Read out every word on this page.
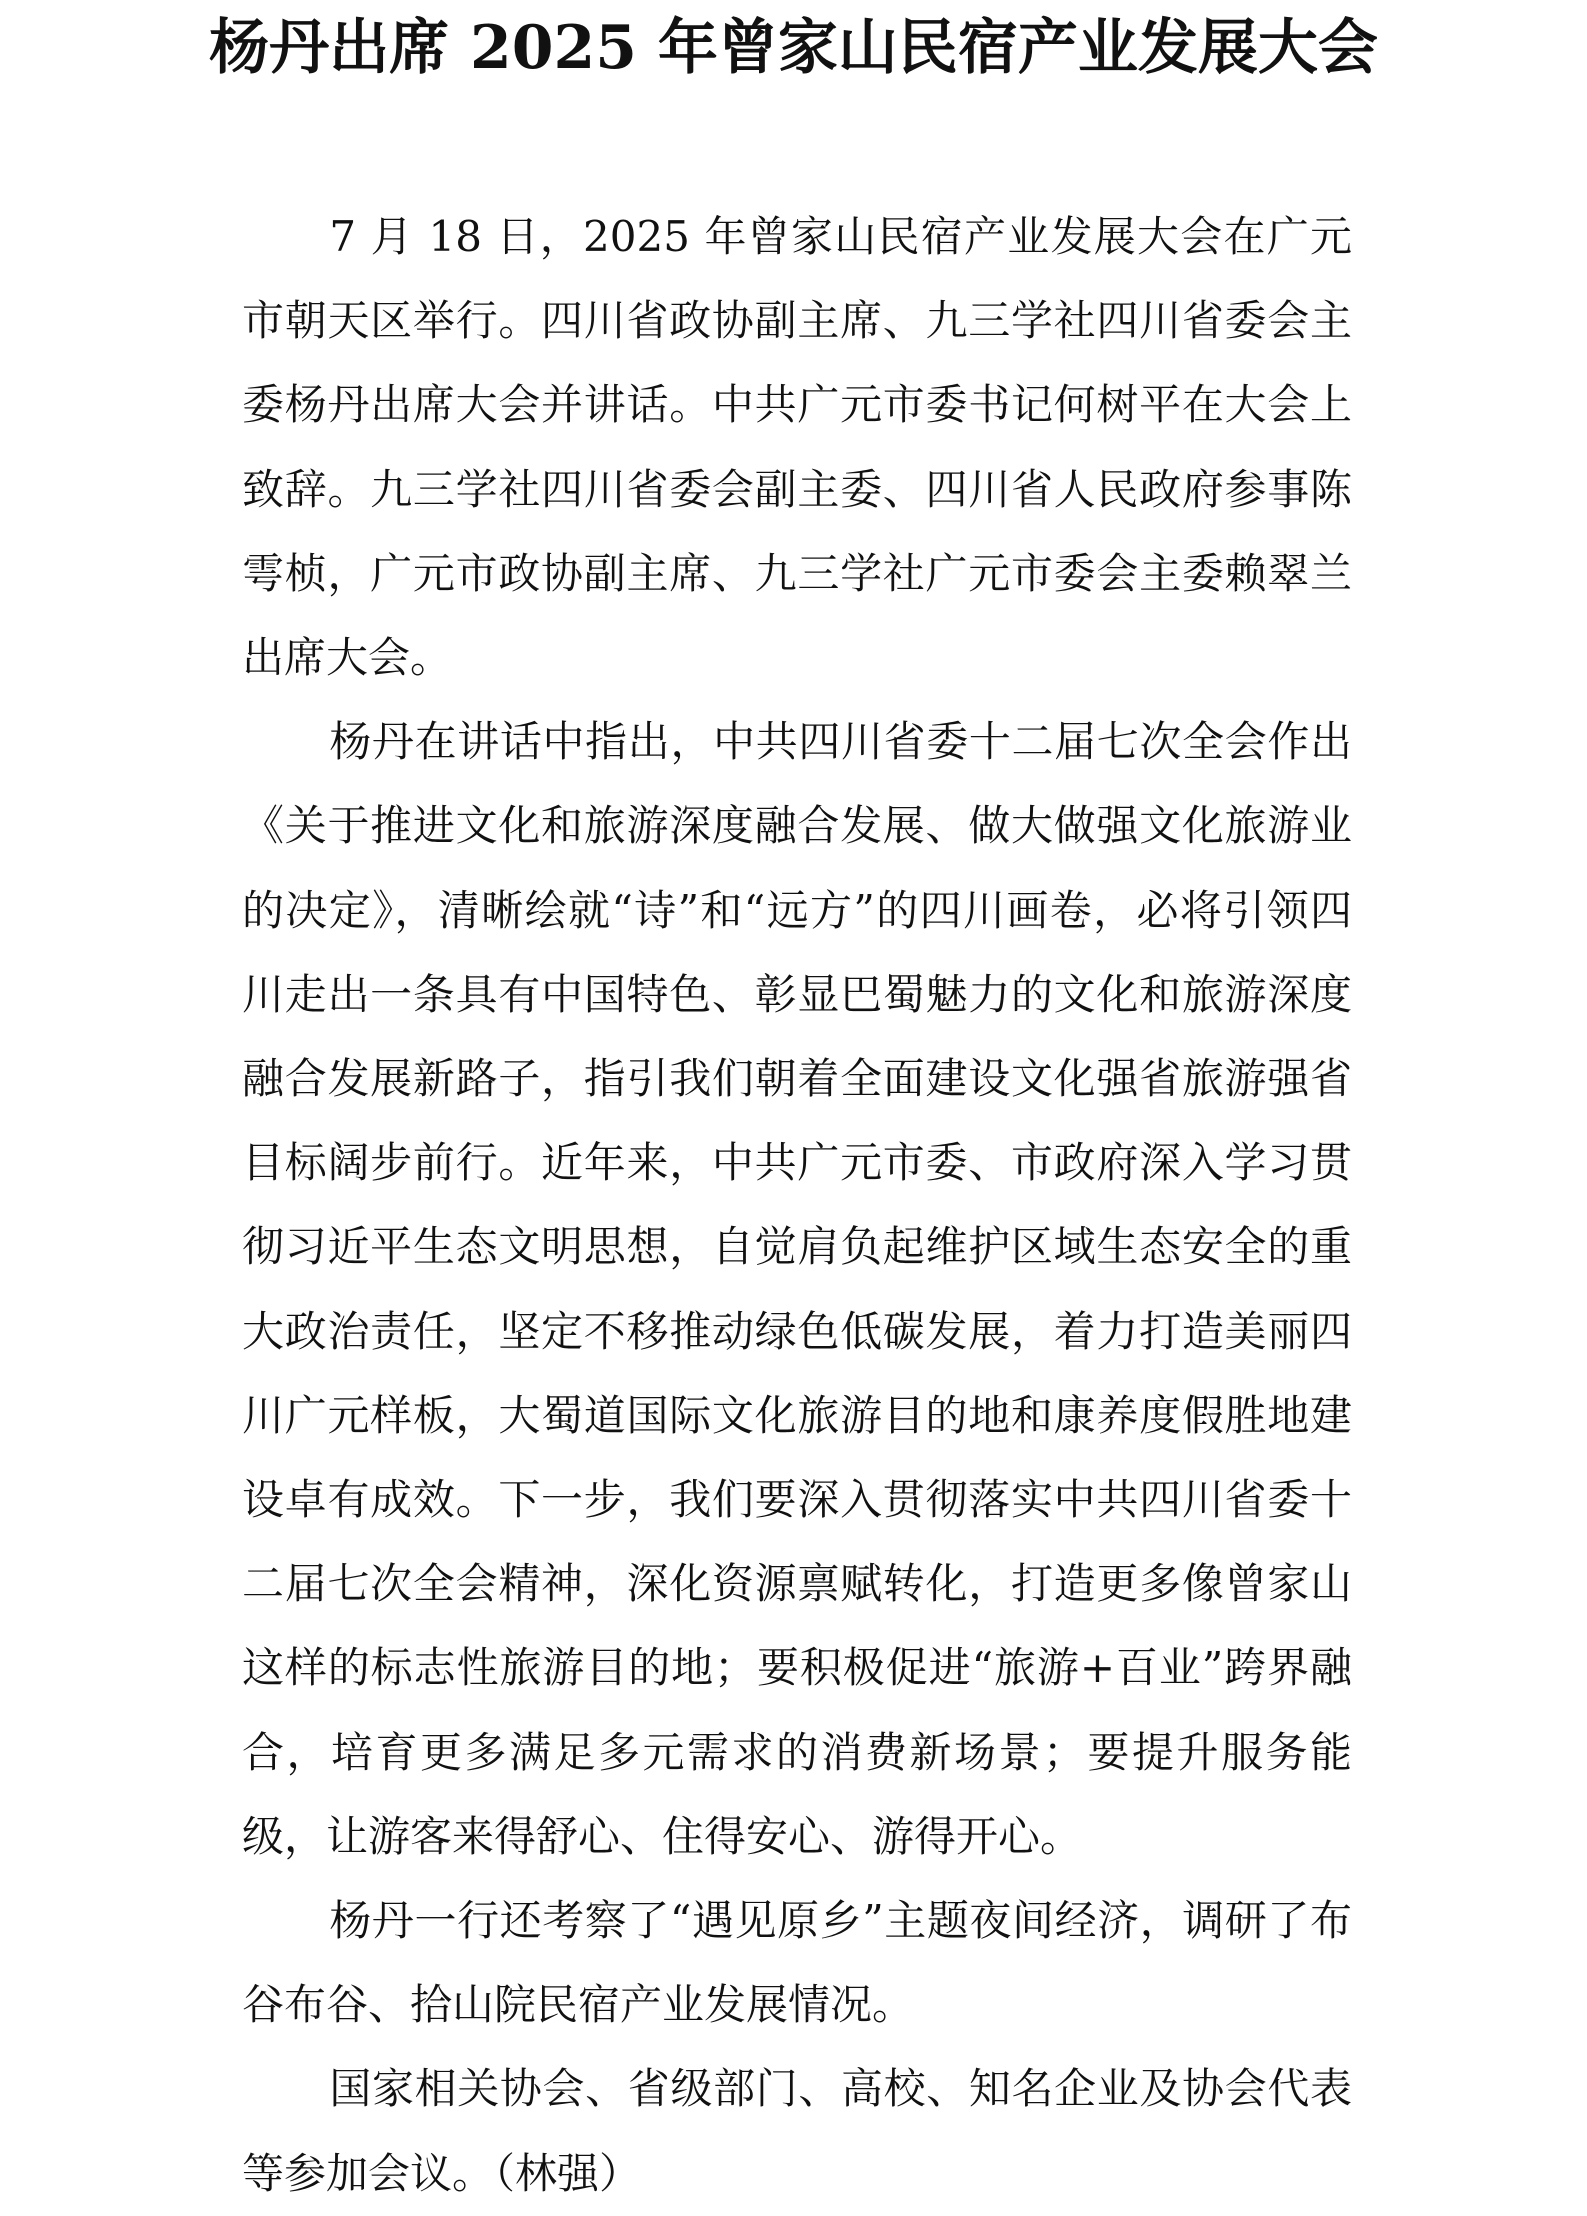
杨丹出席 2025 年曾家山民宿产业发展大会

7 月 18 日，2025 年曾家山民宿产业发展大会在广元市朝天区举行。四川省政协副主席、九三学社四川省委会主委杨丹出席大会并讲话。中共广元市委书记何树平在大会上致辞。九三学社四川省委会副主委、四川省人民政府参事陈雩桢，广元市政协副主席、九三学社广元市委会主委赖翠兰出席大会。

杨丹在讲话中指出，中共四川省委十二届七次全会作出《关于推进文化和旅游深度融合发展、做大做强文化旅游业的决定》，清晰绘就“诗”和“远方”的四川画卷，必将引领四川走出一条具有中国特色、彰显巴蜀魅力的文化和旅游深度融合发展新路子，指引我们朝着全面建设文化强省旅游强省目标阔步前行。近年来，中共广元市委、市政府深入学习贯彻习近平生态文明思想，自觉肩负起维护区域生态安全的重大政治责任，坚定不移推动绿色低碳发展，着力打造美丽四川广元样板，大蜀道国际文化旅游目的地和康养度假胜地建设卓有成效。下一步，我们要深入贯彻落实中共四川省委十二届七次全会精神，深化资源禀赋转化，打造更多像曾家山这样的标志性旅游目的地；要积极促进“旅游+百业”跨界融合，培育更多满足多元需求的消费新场景；要提升服务能级，让游客来得舒心、住得安心、游得开心。

杨丹一行还考察了“遇见原乡”主题夜间经济，调研了布谷布谷、拾山院民宿产业发展情况。

国家相关协会、省级部门、高校、知名企业及协会代表等参加会议。（林强）
